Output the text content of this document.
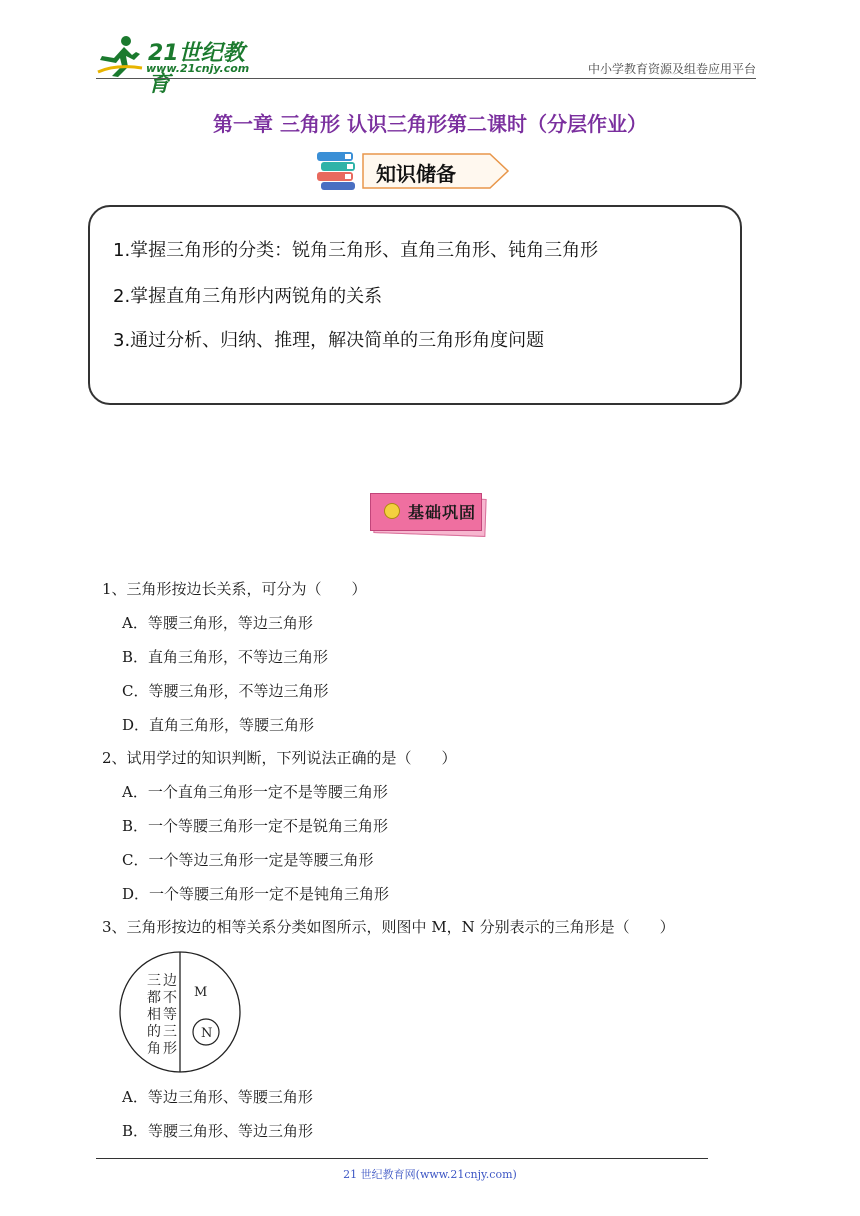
21世纪教育
www.21cnjy.com	中小学教育资源及组卷应用平台
第一章 三角形 认识三角形第二课时（分层作业）
知识储备
1.掌握三角形的分类：锐角三角形、直角三角形、钝角三角形
2.掌握直角三角形内两锐角的关系
3.通过分析、归纳、推理，解决简单的三角形角度问题
基础巩固
1、三角形按边长关系，可分为（　　）
A．等腰三角形，等边三角形
B．直角三角形，不等边三角形
C．等腰三角形，不等边三角形
D．直角三角形，等腰三角形
2、试用学过的知识判断，下列说法正确的是（　　）
A．一个直角三角形一定不是等腰三角形
B．一个等腰三角形一定不是锐角三角形
C．一个等边三角形一定是等腰三角形
D．一个等腰三角形一定不是钝角三角形
3、三角形按边的相等关系分类如图所示，则图中 M，N 分别表示的三角形是（　　）
三
都
相
的
角
边
不
等
三
形
M
N
A．等边三角形、等腰三角形
B．等腰三角形、等边三角形
21 世纪教育网(www.21cnjy.com)
